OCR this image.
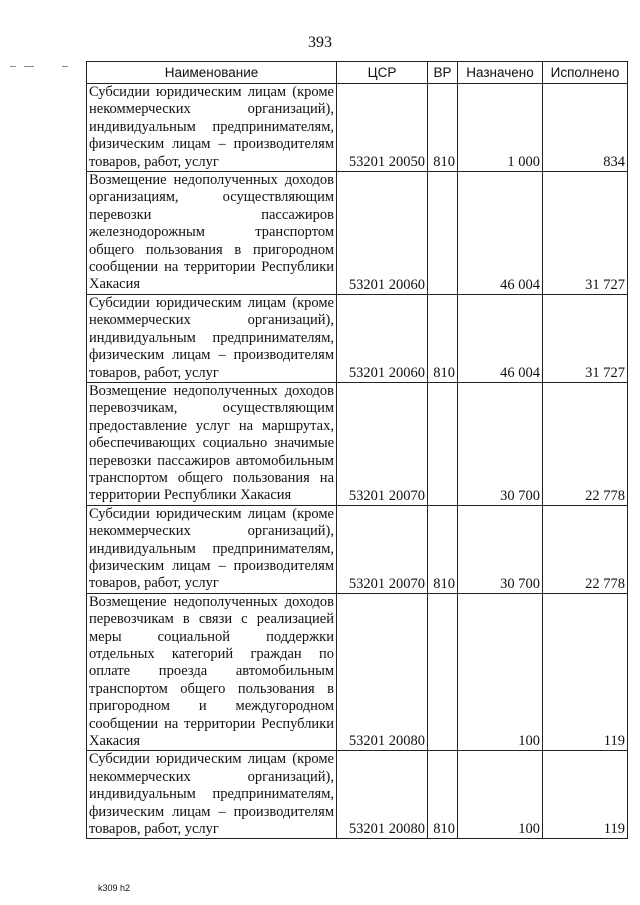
393
Наименование	ЦСР	ВР	Назначено	Исполнено
Субсидии юридическим лицам (кроме некоммерческих организаций), индивидуальным предпринимателям, физическим лицам – производителям товаров, работ, услуг	53201 20050	810	1 000	834
Возмещение недополученных доходов организациям, осуществляющим перевозки пассажиров железнодорожным транспортом общего пользования в пригородном сообщении на территории Республики Хакасия	53201 20060		46 004	31 727
Субсидии юридическим лицам (кроме некоммерческих организаций), индивидуальным предпринимателям, физическим лицам – производителям товаров, работ, услуг	53201 20060	810	46 004	31 727
Возмещение недополученных доходов перевозчикам, осуществляющим предоставление услуг на маршрутах, обеспечивающих социально значимые перевозки пассажиров автомобильным транспортом общего пользования на территории Республики Хакасия	53201 20070		30 700	22 778
Субсидии юридическим лицам (кроме некоммерческих организаций), индивидуальным предпринимателям, физическим лицам – производителям товаров, работ, услуг	53201 20070	810	30 700	22 778
Возмещение недополученных доходов перевозчикам в связи с реализацией меры социальной поддержки отдельных категорий граждан по оплате проезда автомобильным транспортом общего пользования в пригородном и междугородном сообщении на территории Республики Хакасия	53201 20080		100	119
Субсидии юридическим лицам (кроме некоммерческих организаций), индивидуальным предпринимателям, физическим лицам – производителям товаров, работ, услуг	53201 20080	810	100	119
k309 h2
